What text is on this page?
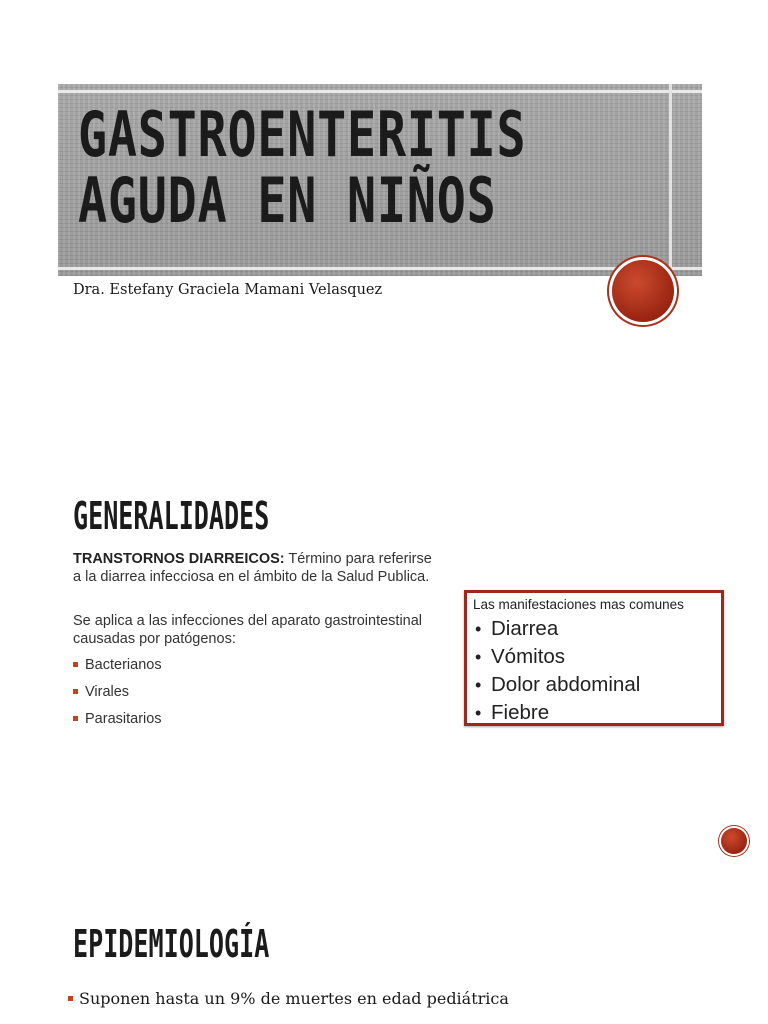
GASTROENTERITIS
AGUDA EN NIÑOS
Dra. Estefany Graciela Mamani Velasquez
GENERALIDADES

TRANSTORNOS DIARREICOS: Término para referirse a la diarrea infecciosa en el ámbito de la Salud Publica.

Se aplica a las infecciones del aparato gastrointestinal causadas por patógenos:

Bacterianos
Virales
Parasitarios
Las manifestaciones mas comunes
• Diarrea
• Vómitos
• Dolor abdominal
• Fiebre
EPIDEMIOLOGÍA
Suponen hasta un 9% de muertes en edad pediátrica
